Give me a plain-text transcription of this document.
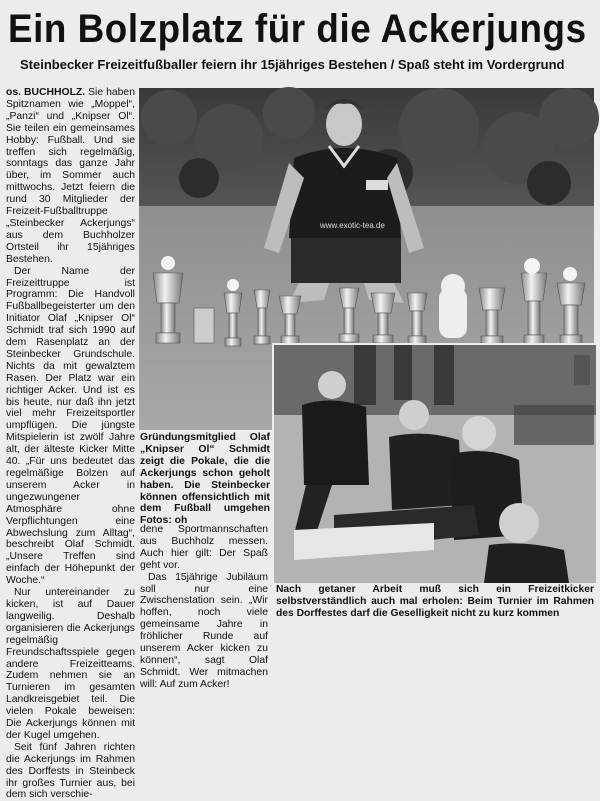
Ein Bolzplatz für die Ackerjungs
Steinbecker Freizeitfußballer feiern ihr 15jähriges Bestehen / Spaß steht im Vordergrund

os. BUCHHOLZ. Sie haben Spitznamen wie „Moppel“, „Panzi“ und „Knipser Ol“. Sie teilen ein gemeinsames Hobby: Fußball. Und sie treffen sich regelmäßig, sonntags das ganze Jahr über, im Sommer auch mittwochs. Jetzt feiern die rund 30 Mitglieder der Freizeit-Fußballtruppe „Steinbecker Ackerjungs“ aus dem Buchholzer Ortsteil ihr 15jähriges Bestehen.

Der Name der Freizeittruppe ist Programm: Die Handvoll Fußballbegeisterter um den Initiator Olaf „Knipser Ol“ Schmidt traf sich 1990 auf dem Rasenplatz an der Steinbecker Grundschule. Nichts da mit gewalztem Rasen. Der Platz war ein richtiger Acker. Und ist es bis heute, nur daß ihn jetzt viel mehr Freizeitsportler umpflügen. Die jüngste Mitspielerin ist zwölf Jahre alt, der älteste Kicker Mitte 40. „Für uns bedeutet das regelmäßige Bolzen auf unserem Acker in ungezwungener Atmosphäre ohne Verpflichtungen eine Abwechslung zum Alltag“, beschreibt Olaf Schmidt. „Unsere Treffen sind einfach der Höhepunkt der Woche.“

Nur untereinander zu kicken, ist auf Dauer langweilig. Deshalb organisieren die Ackerjungs regelmäßig Freundschaftsspiele gegen andere Freizeitteams. Zudem nehmen sie an Turnieren im gesamten Landkreisgebiet teil. Die vielen Pokale beweisen: Die Ackerjungs können mit der Kugel umgehen.

Seit fünf Jahren richten die Ackerjungs im Rahmen des Dorffests in Steinbeck ihr großes Turnier aus, bei dem sich verschie-

www.exotic-tea.de
Gründungsmitglied Olaf „Knipser Ol“ Schmidt zeigt die Pokale, die die Ackerjungs schon geholt haben. Die Steinbecker können offensichtlich mit dem Fußball umgehen Fotos: oh

dene Sportmannschaften aus Buchholz messen. Auch hier gilt: Der Spaß geht vor.

Das 15jährige Jubiläum soll nur eine Zwischenstation sein. „Wir hoffen, noch viele gemeinsame Jahre in fröhlicher Runde auf unserem Acker kicken zu können“, sagt Olaf Schmidt. Wer mitmachen will: Auf zum Acker!

Nach getaner Arbeit muß sich ein Freizeitkicker selbstverständlich auch mal erholen: Beim Turnier im Rahmen des Dorffestes darf die Geselligkeit nicht zu kurz kommen
